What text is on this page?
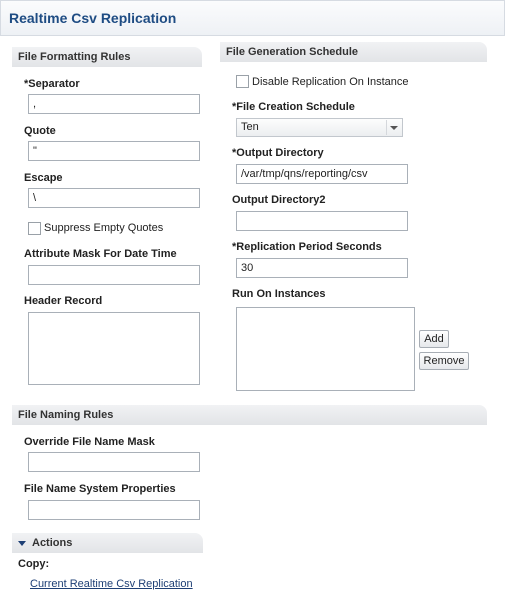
Realtime Csv Replication
File Formatting Rules
*Separator
,
Quote
"
Escape
\
Suppress Empty Quotes
Attribute Mask For Date Time
Header Record
File Generation Schedule
Disable Replication On Instance
*File Creation Schedule
Ten
*Output Directory
/var/tmp/qns/reporting/csv
Output Directory2
*Replication Period Seconds
30
Run On Instances
Add
Remove
File Naming Rules
Override File Name Mask
File Name System Properties
Actions
Copy:
Current Realtime Csv Replication
